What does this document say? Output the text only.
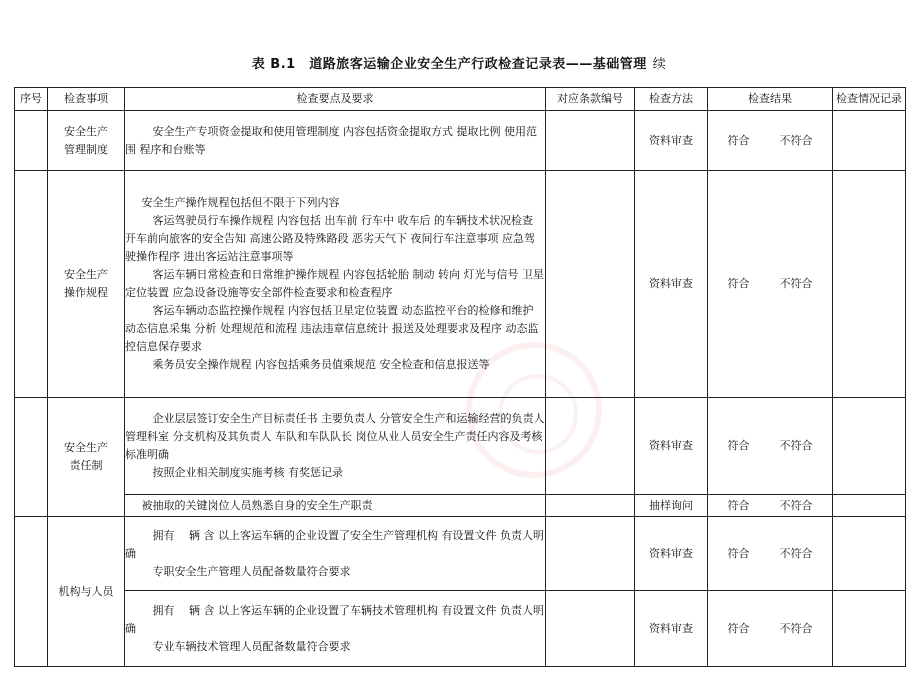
表 B.1　道路旅客运输企业安全生产行政检查记录表——基础管理 续
序号	检查事项	检查要点及要求	对应条款编号	检查方法	检查结果	检查情况记录

	安全生产
管理制度	安全生产专项资金提取和使用管理制度 内容包括资金提取方式 提取比例 使用范围 程序和台账等		资料审查	符合 不符合	

	安全生产
操作规程	安全生产操作规程包括但不限于下列内容
客运驾驶员行车操作规程 内容包括 出车前 行车中 收车后 的车辆技术状况检查 开车前向旅客的安全告知 高速公路及特殊路段 恶劣天气下 夜间行车注意事项 应急驾驶操作程序 进出客运站注意事项等
客运车辆日常检查和日常维护操作规程 内容包括轮胎 制动 转向 灯光与信号 卫星定位装置 应急设备设施等安全部件检查要求和检查程序
客运车辆动态监控操作规程 内容包括卫星定位装置 动态监控平台的检修和维护 动态信息采集 分析 处理规范和流程 违法违章信息统计 报送及处理要求及程序 动态监控信息保存要求
乘务员安全操作规程 内容包括乘务员值乘规范 安全检查和信息报送等		资料审查	符合 不符合	

	安全生产
责任制	企业层层签订安全生产目标责任书 主要负责人 分管安全生产和运输经营的负责人 管理科室 分支机构及其负责人 车队和车队队长 岗位从业人员安全生产责任内容及考核标准明确
按照企业相关制度实施考核 有奖惩记录		资料审查	符合 不符合	

		被抽取的关键岗位人员熟悉自身的安全生产职责		抽样询问	符合 不符合	

	机构与人员	拥有　 辆 含 以上客运车辆的企业设置了安全生产管理机构 有设置文件 负责人明确
专职安全生产管理人员配备数量符合要求		资料审查	符合 不符合	

		拥有　 辆 含 以上客运车辆的企业设置了车辆技术管理机构 有设置文件 负责人明确
专业车辆技术管理人员配备数量符合要求		资料审查	符合 不符合	
